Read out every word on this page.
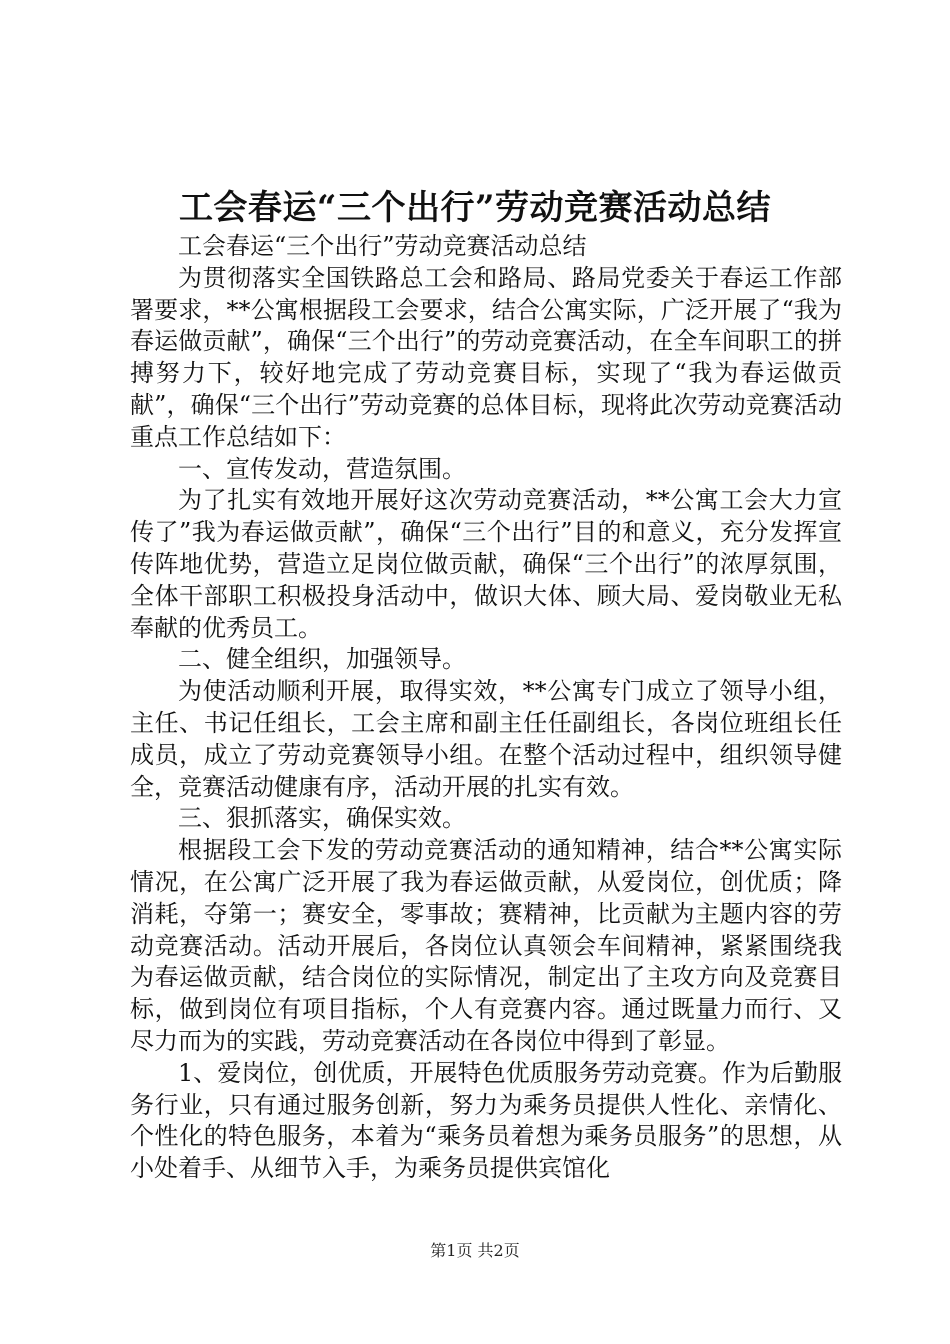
工会春运“三个出行”劳动竞赛活动总结

工会春运“三个出行”劳动竞赛活动总结

为贯彻落实全国铁路总工会和路局、路局党委关于春运工作部署要求，**公寓根据段工会要求，结合公寓实际，广泛开展了“我为春运做贡献”，确保“三个出行”的劳动竞赛活动，在全车间职工的拼搏努力下，较好地完成了劳动竞赛目标，实现了“我为春运做贡献”，确保“三个出行”劳动竞赛的总体目标，现将此次劳动竞赛活动重点工作总结如下：

一、宣传发动，营造氛围。

为了扎实有效地开展好这次劳动竞赛活动，**公寓工会大力宣传了”我为春运做贡献”，确保“三个出行”目的和意义，充分发挥宣传阵地优势，营造立足岗位做贡献，确保“三个出行”的浓厚氛围，全体干部职工积极投身活动中，做识大体、顾大局、爱岗敬业无私奉献的优秀员工。

二、健全组织，加强领导。

为使活动顺利开展，取得实效，**公寓专门成立了领导小组，主任、书记任组长，工会主席和副主任任副组长，各岗位班组长任成员，成立了劳动竞赛领导小组。在整个活动过程中，组织领导健全，竞赛活动健康有序，活动开展的扎实有效。

三、狠抓落实，确保实效。

根据段工会下发的劳动竞赛活动的通知精神，结合**公寓实际情况，在公寓广泛开展了我为春运做贡献，从爱岗位，创优质；降消耗，夺第一；赛安全，零事故；赛精神，比贡献为主题内容的劳动竞赛活动。活动开展后，各岗位认真领会车间精神，紧紧围绕我为春运做贡献，结合岗位的实际情况，制定出了主攻方向及竞赛目标，做到岗位有项目指标，个人有竞赛内容。通过既量力而行、又尽力而为的实践，劳动竞赛活动在各岗位中得到了彰显。

1、爱岗位，创优质，开展特色优质服务劳动竞赛。作为后勤服务行业，只有通过服务创新，努力为乘务员提供人性化、亲情化、个性化的特色服务，本着为“乘务员着想为乘务员服务”的思想，从小处着手、从细节入手，为乘务员提供宾馆化

第1页 共2页
